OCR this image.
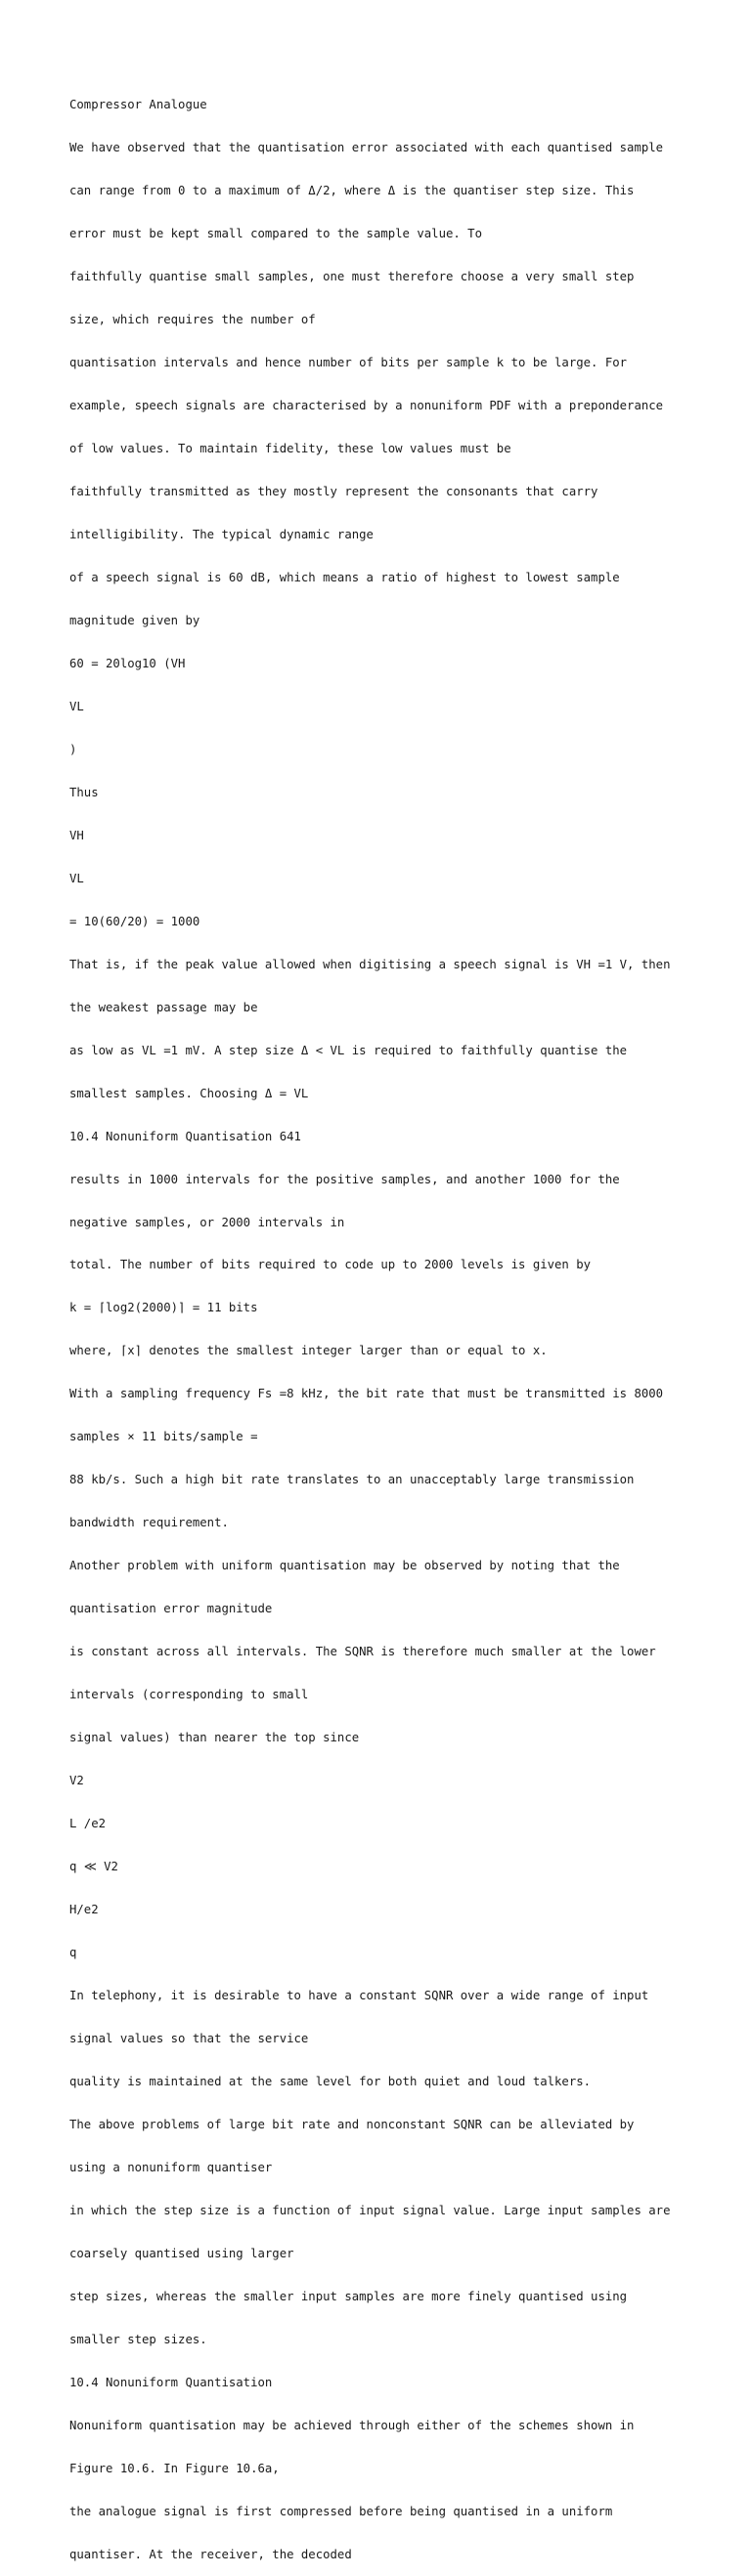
Compressor Analogue

We have observed that the quantisation error associated with each quantised sample

can range from 0 to a maximum of Δ/2, where Δ is the quantiser step size. This

error must be kept small compared to the sample value. To

faithfully quantise small samples, one must therefore choose a very small step

size, which requires the number of

quantisation intervals and hence number of bits per sample k to be large. For

example, speech signals are characterised by a nonuniform PDF with a preponderance

of low values. To maintain fidelity, these low values must be

faithfully transmitted as they mostly represent the consonants that carry

intelligibility. The typical dynamic range

of a speech signal is 60 dB, which means a ratio of highest to lowest sample

magnitude given by

60 = 20log10 (VH

VL

)

Thus

VH

VL

= 10(60/20) = 1000

That is, if the peak value allowed when digitising a speech signal is VH =1 V, then

the weakest passage may be

as low as VL =1 mV. A step size Δ < VL is required to faithfully quantise the

smallest samples. Choosing Δ = VL

10.4 Nonuniform Quantisation 641

results in 1000 intervals for the positive samples, and another 1000 for the

negative samples, or 2000 intervals in

total. The number of bits required to code up to 2000 levels is given by

k = ⌈log2(2000)⌉ = 11 bits

where, ⌈x⌉ denotes the smallest integer larger than or equal to x.

With a sampling frequency Fs =8 kHz, the bit rate that must be transmitted is 8000

samples × 11 bits/sample =

88 kb/s. Such a high bit rate translates to an unacceptably large transmission

bandwidth requirement.

Another problem with uniform quantisation may be observed by noting that the

quantisation error magnitude

is constant across all intervals. The SQNR is therefore much smaller at the lower

intervals (corresponding to small

signal values) than nearer the top since

V2

L ∕e2

q ≪ V2

H∕e2

q

In telephony, it is desirable to have a constant SQNR over a wide range of input

signal values so that the service

quality is maintained at the same level for both quiet and loud talkers.

The above problems of large bit rate and nonconstant SQNR can be alleviated by

using a nonuniform quantiser

in which the step size is a function of input signal value. Large input samples are

coarsely quantised using larger

step sizes, whereas the smaller input samples are more finely quantised using

smaller step sizes.

10.4 Nonuniform Quantisation

Nonuniform quantisation may be achieved through either of the schemes shown in

Figure 10.6. In Figure 10.6a,

the analogue signal is first compressed before being quantised in a uniform

quantiser. At the receiver, the decoded
